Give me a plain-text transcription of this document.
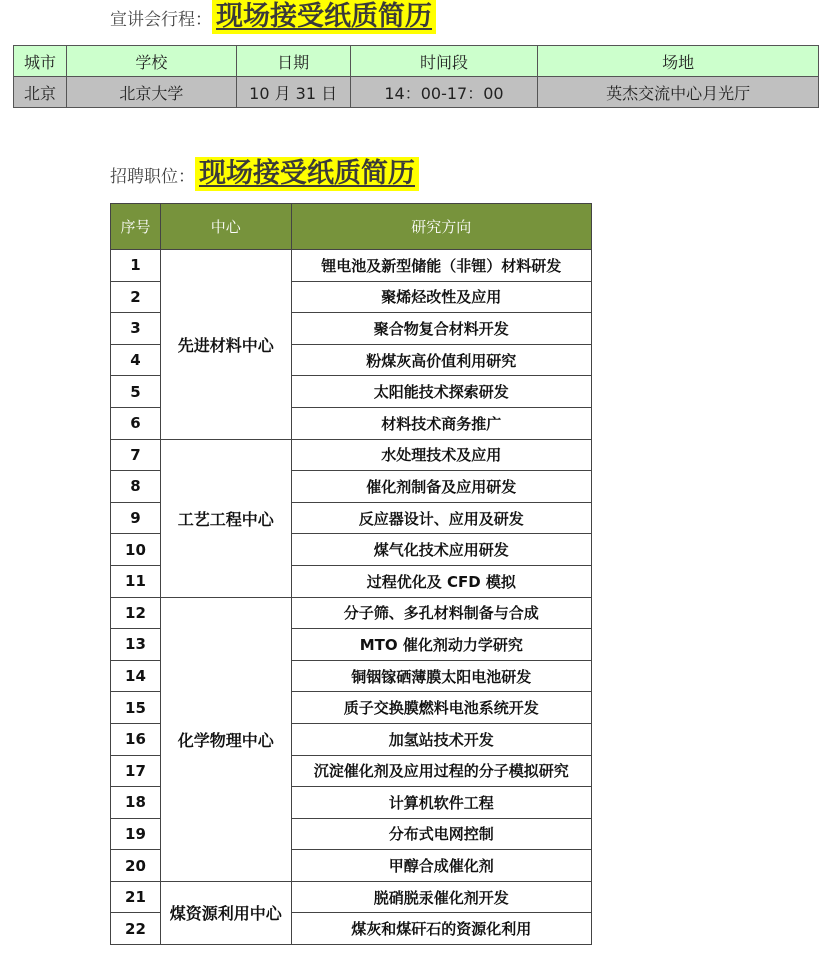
宣讲会行程： 现场接受纸质简历
城市	学校	日期	时间段	场地
北京	北京大学	10 月 31 日	14：00-17：00	英杰交流中心月光厅
招聘职位： 现场接受纸质简历
序号	中心	研究方向
1	先进材料中心	锂电池及新型储能（非锂）材料研发
2		聚烯烃改性及应用
3		聚合物复合材料开发
4		粉煤灰高价值利用研究
5		太阳能技术探索研发
6		材料技术商务推广
7	工艺工程中心	水处理技术及应用
8		催化剂制备及应用研发
9		反应器设计、应用及研发
10		煤气化技术应用研发
11		过程优化及 CFD 模拟
12	化学物理中心	分子筛、多孔材料制备与合成
13		MTO 催化剂动力学研究
14		铜铟镓硒薄膜太阳电池研发
15		质子交换膜燃料电池系统开发
16		加氢站技术开发
17		沉淀催化剂及应用过程的分子模拟研究
18		计算机软件工程
19		分布式电网控制
20		甲醇合成催化剂
21	煤资源利用中心	脱硝脱汞催化剂开发
22		煤灰和煤矸石的资源化利用
